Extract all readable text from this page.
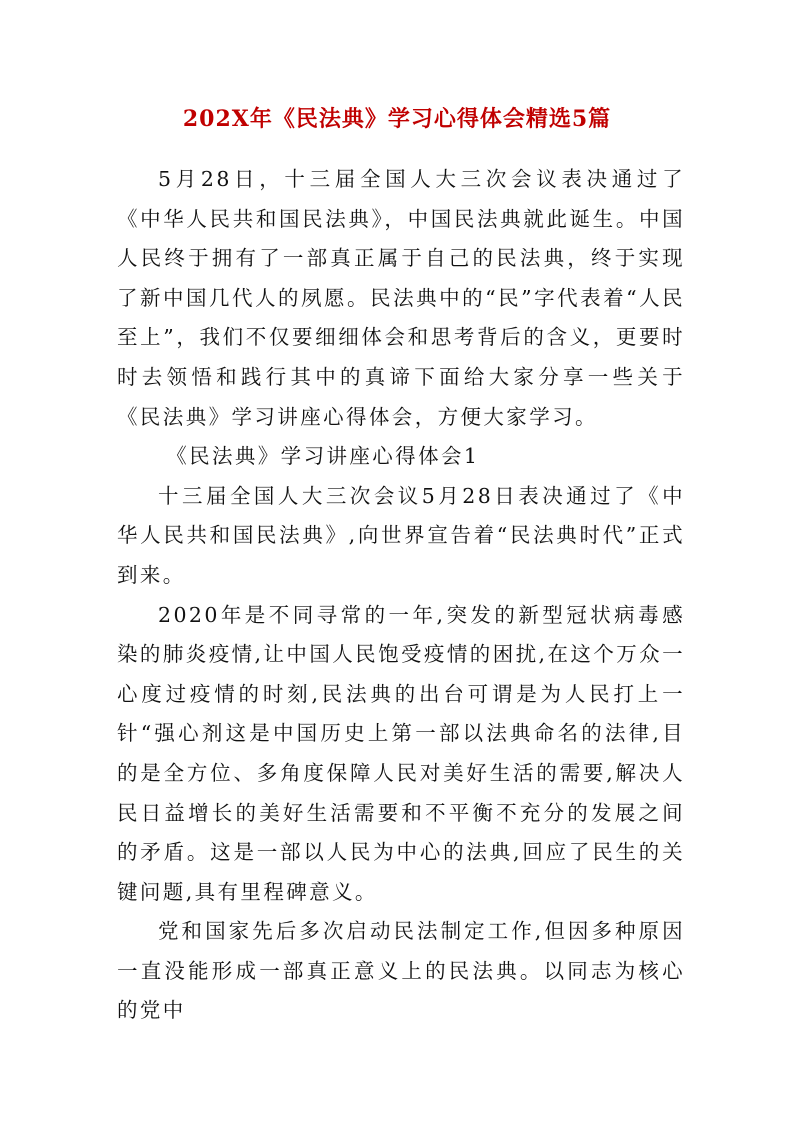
202X年《民法典》学习心得体会精选5篇

5月28日，十三届全国人大三次会议表决通过了《中华人民共和国民法典》，中国民法典就此诞生。中国人民终于拥有了一部真正属于自己的民法典，终于实现了新中国几代人的夙愿。民法典中的“民”字代表着“人民至上”，我们不仅要细细体会和思考背后的含义，更要时时去领悟和践行其中的真谛下面给大家分享一些关于《民法典》学习讲座心得体会，方便大家学习。

《民法典》学习讲座心得体会1

十三届全国人大三次会议5月28日表决通过了《中华人民共和国民法典》,向世界宣告着“民法典时代”正式到来。

2020年是不同寻常的一年,突发的新型冠状病毒感染的肺炎疫情,让中国人民饱受疫情的困扰,在这个万众一心度过疫情的时刻,民法典的出台可谓是为人民打上一针“强心剂这是中国历史上第一部以法典命名的法律,目的是全方位、多角度保障人民对美好生活的需要,解决人民日益增长的美好生活需要和不平衡不充分的发展之间的矛盾。这是一部以人民为中心的法典,回应了民生的关键问题,具有里程碑意义。

党和国家先后多次启动民法制定工作,但因多种原因一直没能形成一部真正意义上的民法典。以同志为核心的党中
